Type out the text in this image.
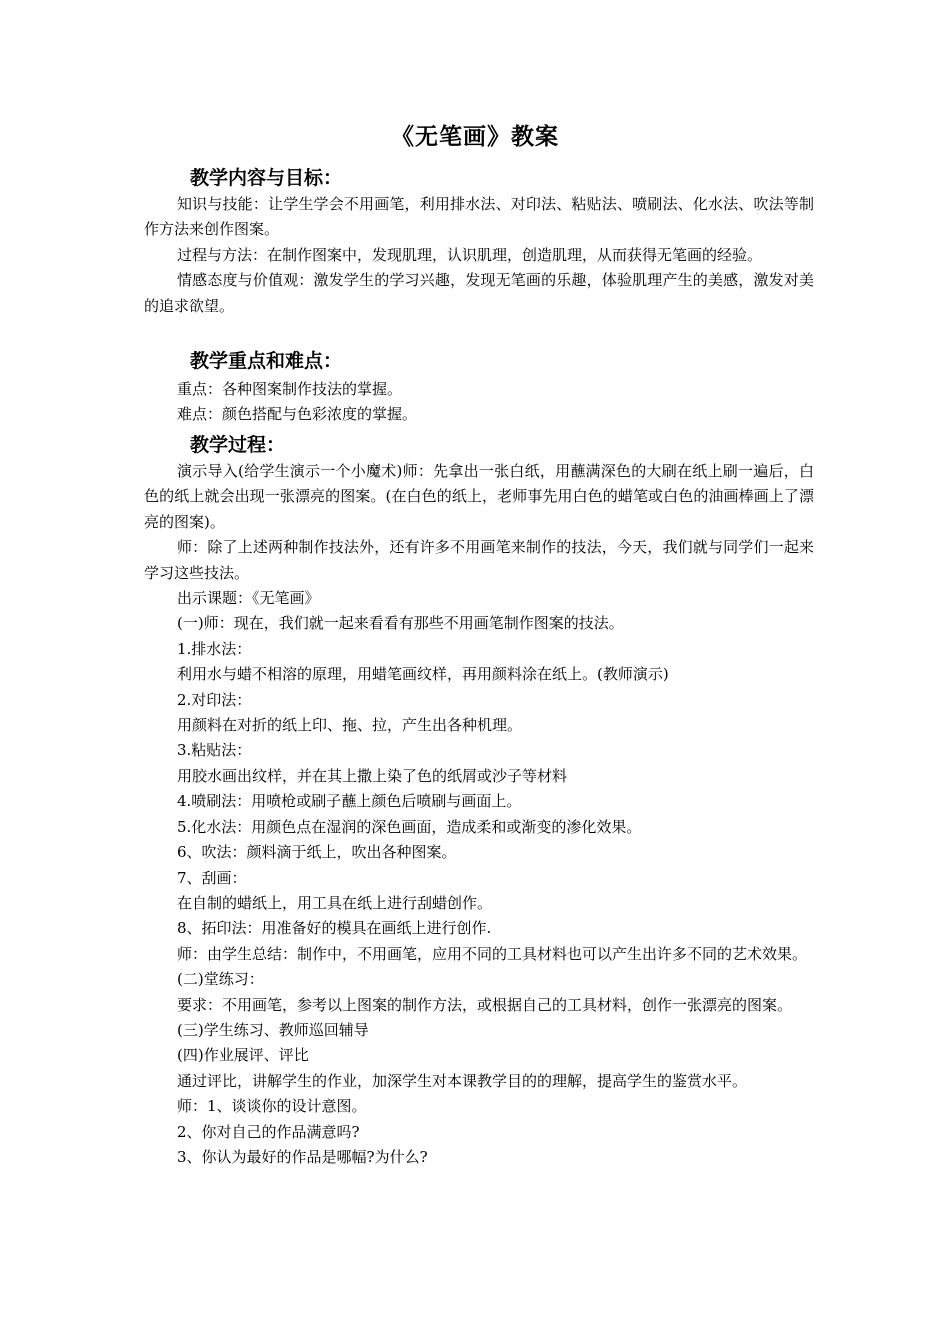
《无笔画》教案
教学内容与目标：

知识与技能：让学生学会不用画笔，利用排水法、对印法、粘贴法、喷刷法、化水法、吹法等制作方法来创作图案。

过程与方法：在制作图案中，发现肌理，认识肌理，创造肌理，从而获得无笔画的经验。

情感态度与价值观：激发学生的学习兴趣，发现无笔画的乐趣，体验肌理产生的美感，激发对美的追求欲望。

教学重点和难点：

重点：各种图案制作技法的掌握。

难点：颜色搭配与色彩浓度的掌握。

教学过程：

演示导入(给学生演示一个小魔术)师：先拿出一张白纸，用蘸满深色的大刷在纸上刷一遍后，白色的纸上就会出现一张漂亮的图案。(在白色的纸上，老师事先用白色的蜡笔或白色的油画棒画上了漂亮的图案)。

师：除了上述两种制作技法外，还有许多不用画笔来制作的技法，今天，我们就与同学们一起来学习这些技法。

出示课题：《无笔画》

(一)师：现在，我们就一起来看看有那些不用画笔制作图案的技法。

1.排水法：

利用水与蜡不相溶的原理，用蜡笔画纹样，再用颜料涂在纸上。(教师演示)

2.对印法：

用颜料在对折的纸上印、拖、拉，产生出各种机理。

3.粘贴法：

用胶水画出纹样，并在其上撒上染了色的纸屑或沙子等材料

4.喷刷法：用喷枪或刷子蘸上颜色后喷刷与画面上。

5.化水法：用颜色点在湿润的深色画面，造成柔和或渐变的渗化效果。

6、吹法：颜料滴于纸上，吹出各种图案。

7、刮画：

在自制的蜡纸上，用工具在纸上进行刮蜡创作。

8、拓印法：用准备好的模具在画纸上进行创作.

师：由学生总结：制作中，不用画笔，应用不同的工具材料也可以产生出许多不同的艺术效果。

(二)堂练习：

要求：不用画笔，参考以上图案的制作方法，或根据自己的工具材料，创作一张漂亮的图案。

(三)学生练习、教师巡回辅导

(四)作业展评、评比

通过评比，讲解学生的作业，加深学生对本课教学目的的理解，提高学生的鉴赏水平。

师：1、谈谈你的设计意图。

2、你对自己的作品满意吗?

3、你认为最好的作品是哪幅?为什么?
